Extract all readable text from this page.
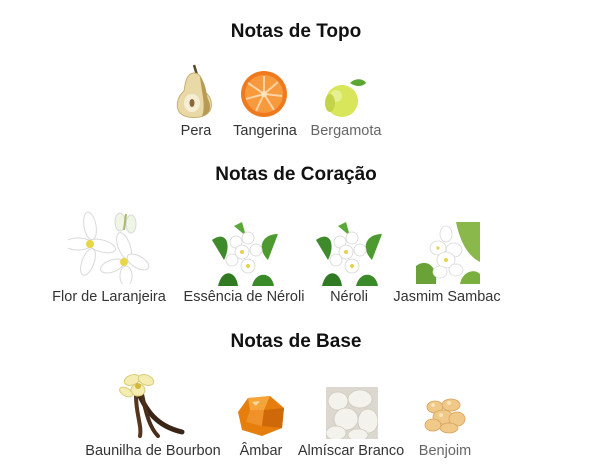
Notas de Topo
Pera Tangerina Bergamota
Notas de Coração
Flor de Laranjeira Essência de Néroli Néroli Jasmim Sambac
Notas de Base
Baunilha de Bourbon Âmbar Almíscar Branco Benjoim
